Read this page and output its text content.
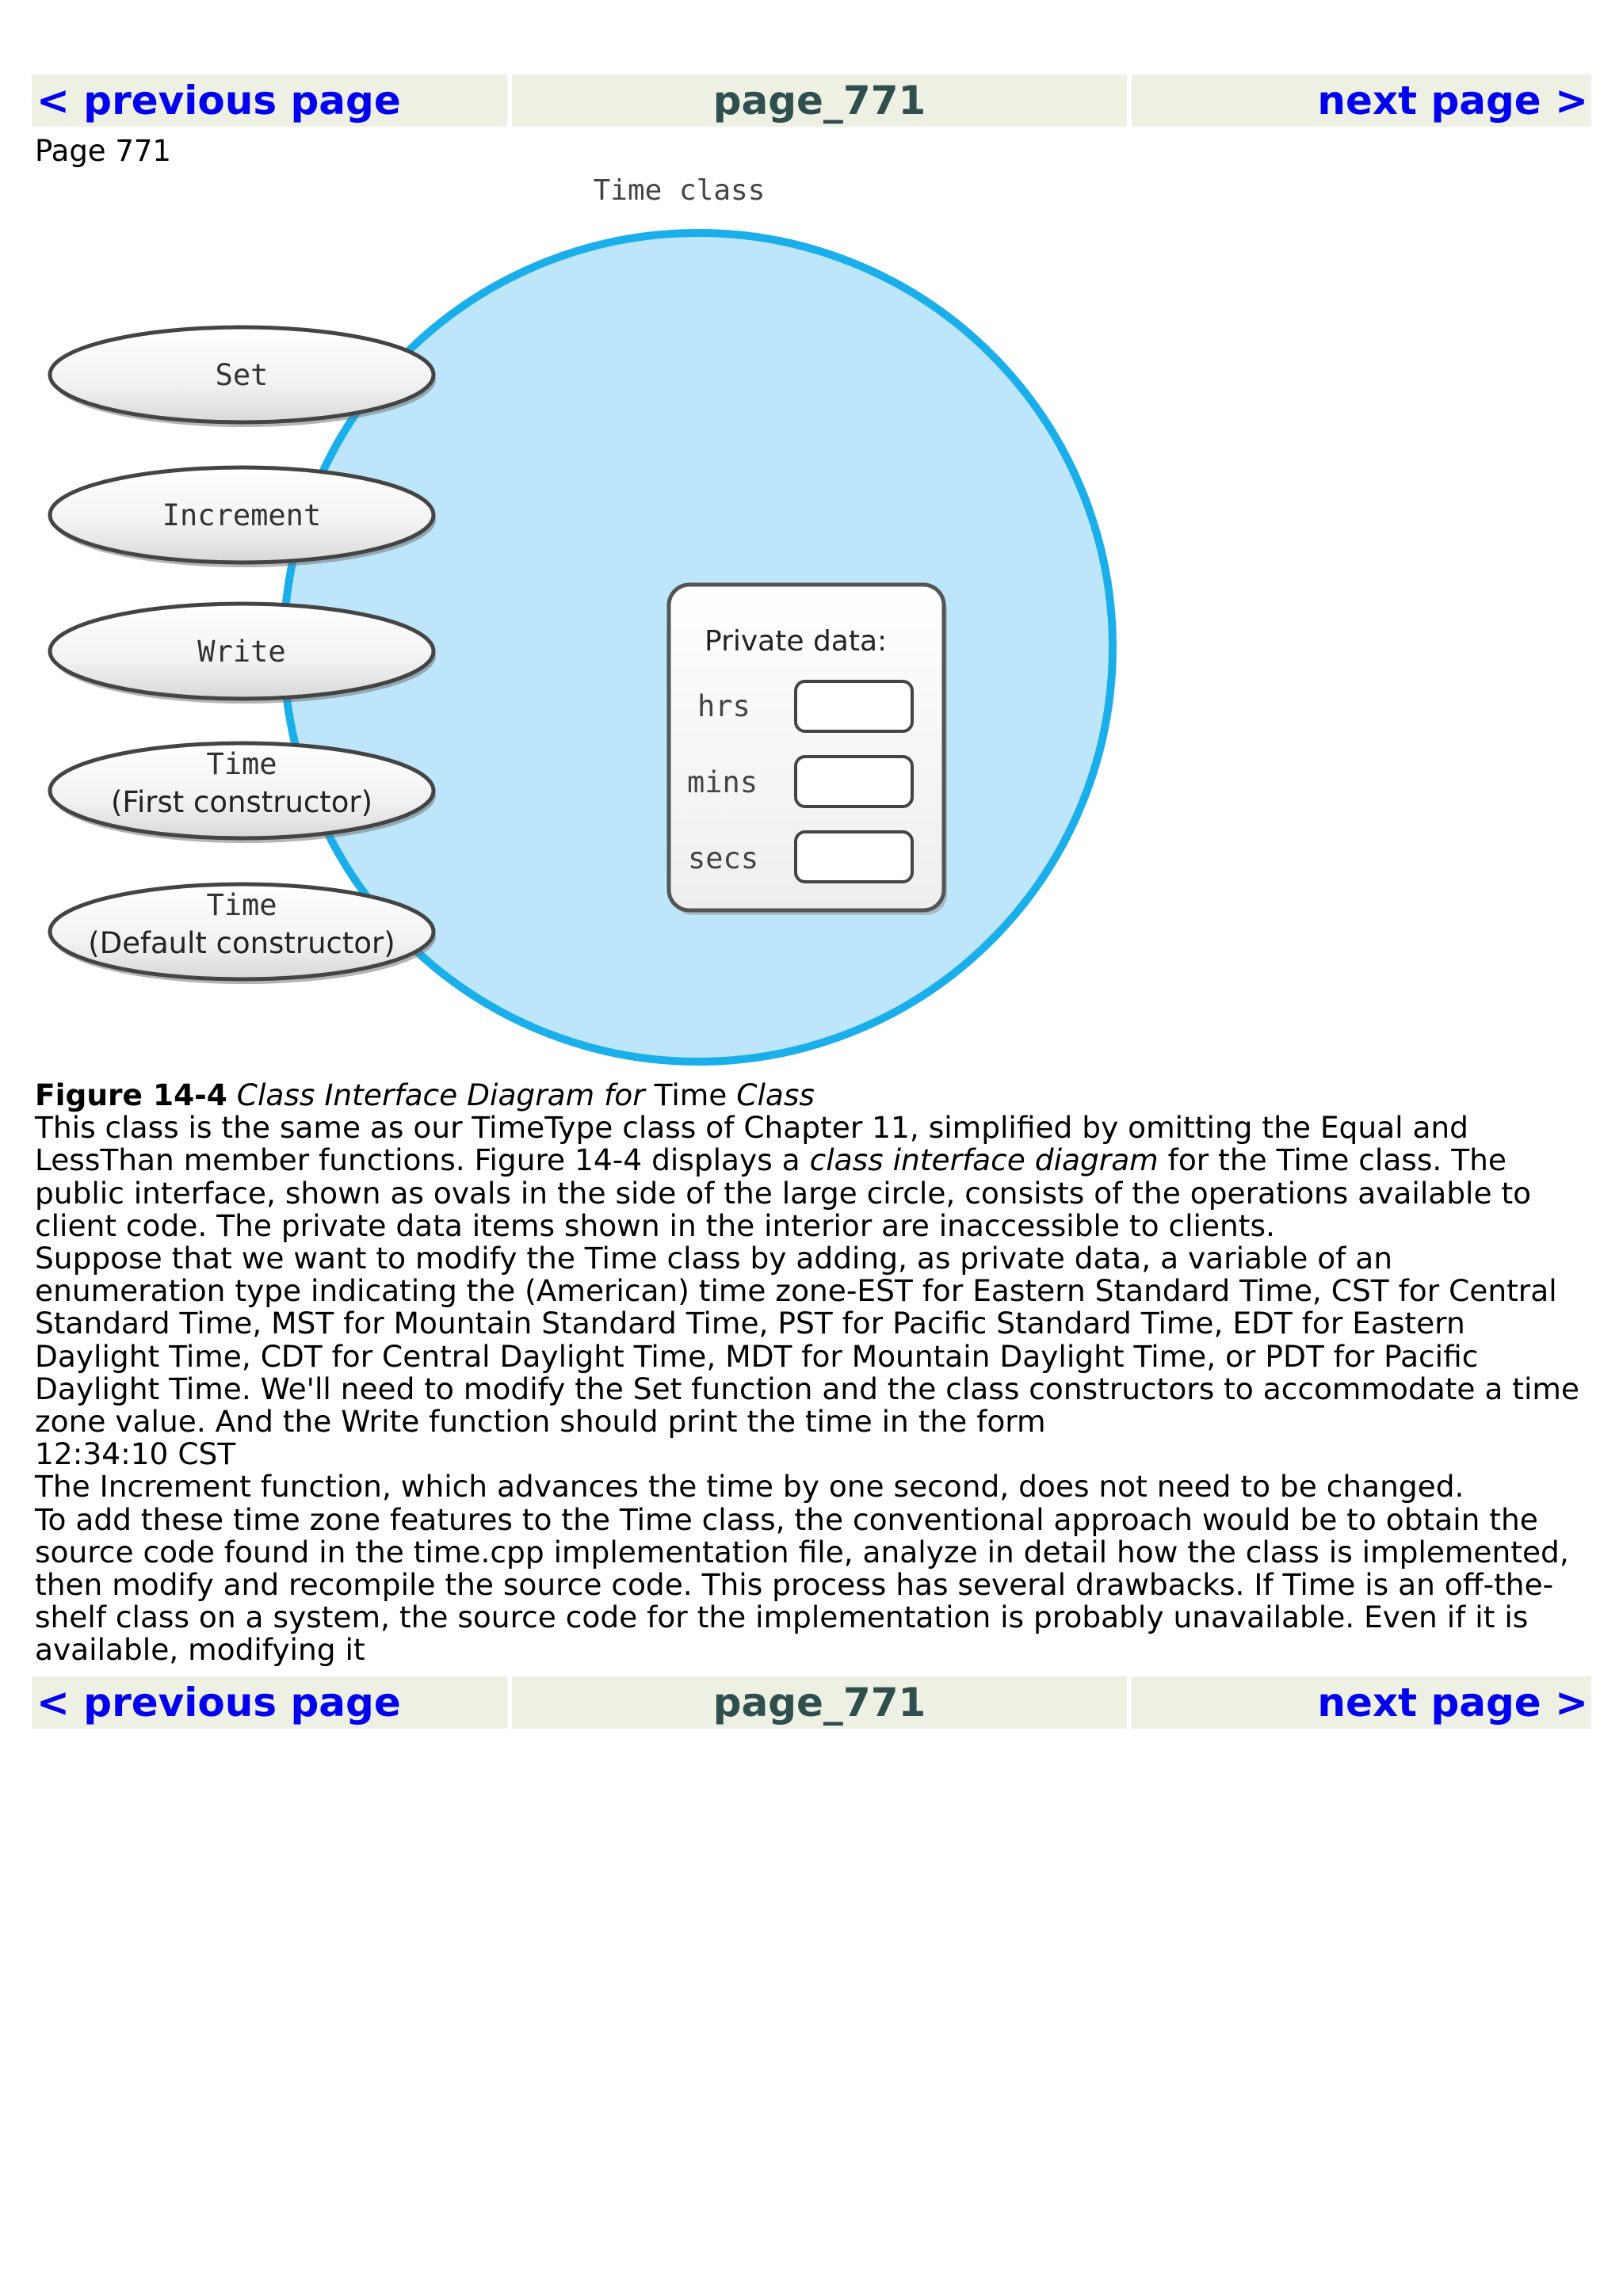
< previous page	page_771	next page >
Page 771
Time class
Private data:
hrs
mins
secs
Set
Increment
Write
Time
(First constructor)
Time
(Default constructor)

Figure 14-4 Class Interface Diagram for Time Class

This class is the same as our TimeType class of Chapter 11, simplified by omitting the Equal and LessThan member functions. Figure 14-4 displays a class interface diagram for the Time class. The public interface, shown as ovals in the side of the large circle, consists of the operations available to client code. The private data items shown in the interior are inaccessible to clients.

Suppose that we want to modify the Time class by adding, as private data, a variable of an enumeration type indicating the (American) time zone-EST for Eastern Standard Time, CST for Central Standard Time, MST for Mountain Standard Time, PST for Pacific Standard Time, EDT for Eastern Daylight Time, CDT for Central Daylight Time, MDT for Mountain Daylight Time, or PDT for Pacific Daylight Time. We'll need to modify the Set function and the class constructors to accommodate a time zone value. And the Write function should print the time in the form

12:34:10 CST

The Increment function, which advances the time by one second, does not need to be changed.

To add these time zone features to the Time class, the conventional approach would be to obtain the source code found in the time.cpp implementation file, analyze in detail how the class is implemented, then modify and recompile the source code. This process has several drawbacks. If Time is an off-the-shelf class on a system, the source code for the implementation is probably unavailable. Even if it is available, modifying it

< previous page	page_771	next page >
